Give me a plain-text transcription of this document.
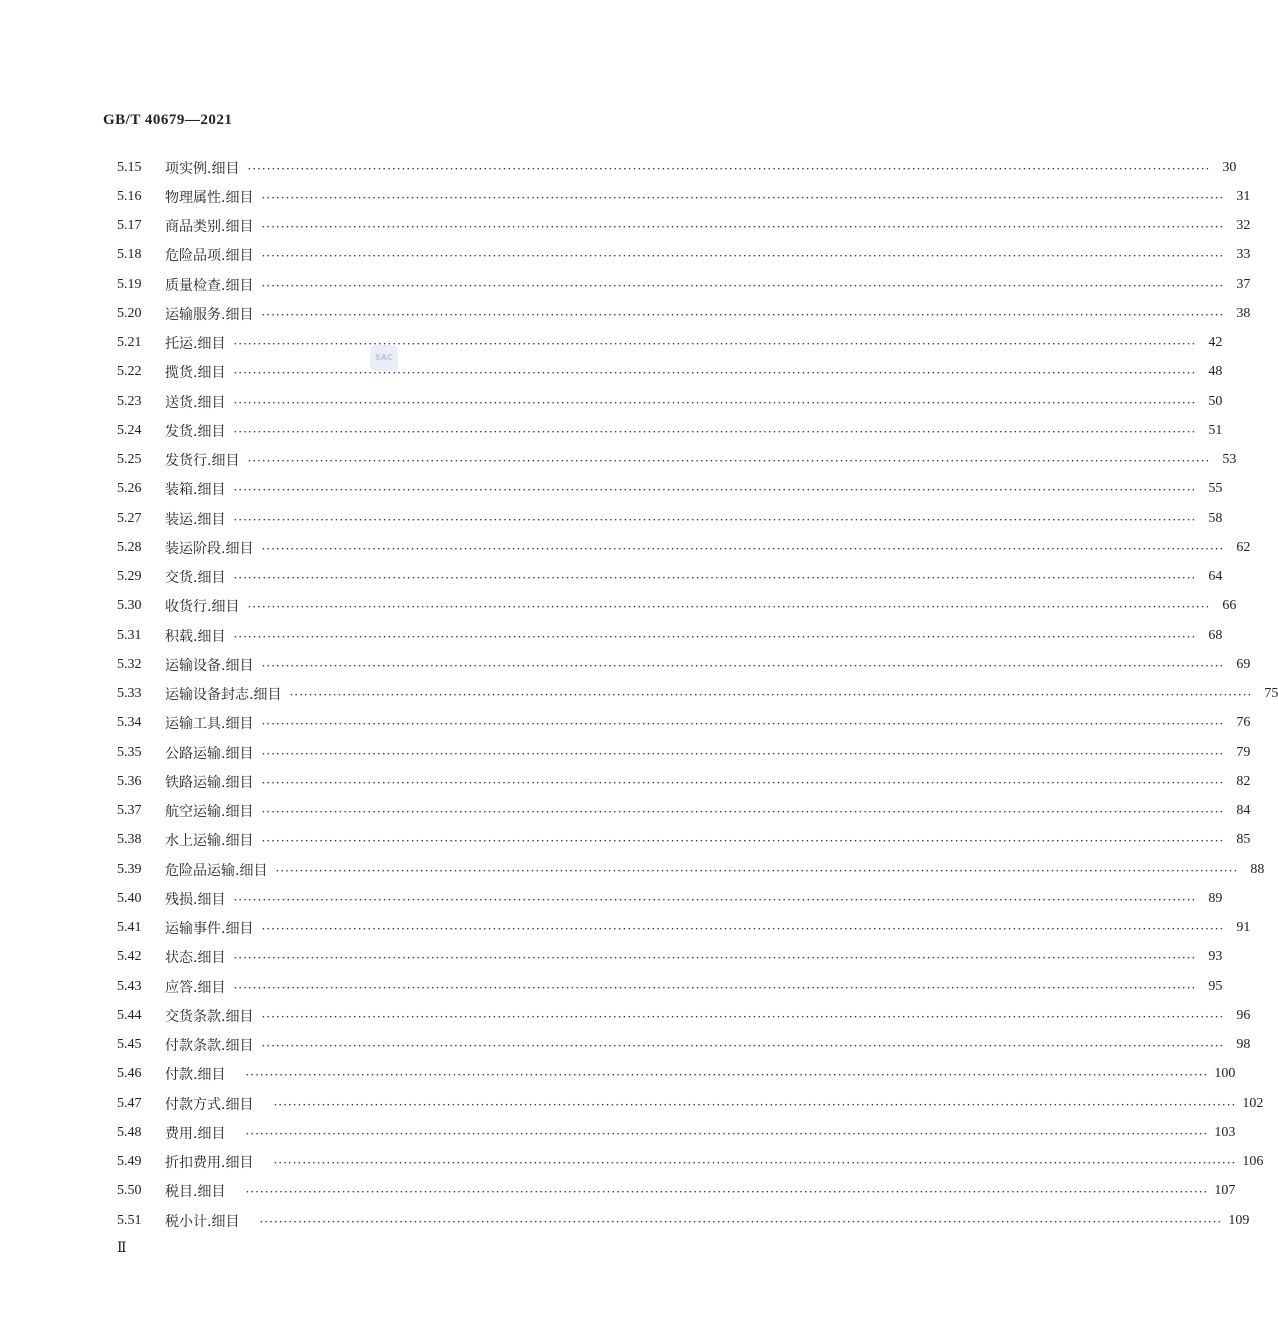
GB/T 40679—2021
SAC
5.15	项实例.细目 ········································································································································································································ 30
5.16	物理属性.细目 ········································································································································································································ 31
5.17	商品类别.细目 ········································································································································································································ 32
5.18	危险品项.细目 ········································································································································································································ 33
5.19	质量检查.细目 ········································································································································································································ 37
5.20	运输服务.细目 ········································································································································································································ 38
5.21	托运.细目 ········································································································································································································ 42
5.22	揽货.细目 ········································································································································································································ 48
5.23	送货.细目 ········································································································································································································ 50
5.24	发货.细目 ········································································································································································································ 51
5.25	发货行.细目 ········································································································································································································ 53
5.26	装箱.细目 ········································································································································································································ 55
5.27	装运.细目 ········································································································································································································ 58
5.28	装运阶段.细目 ········································································································································································································ 62
5.29	交货.细目 ········································································································································································································ 64
5.30	收货行.细目 ········································································································································································································ 66
5.31	积载.细目 ········································································································································································································ 68
5.32	运输设备.细目 ········································································································································································································ 69
5.33	运输设备封志.细目 ········································································································································································································ 75
5.34	运输工具.细目 ········································································································································································································ 76
5.35	公路运输.细目 ········································································································································································································ 79
5.36	铁路运输.细目 ········································································································································································································ 82
5.37	航空运输.细目 ········································································································································································································ 84
5.38	水上运输.细目 ········································································································································································································ 85
5.39	危险品运输.细目 ········································································································································································································ 88
5.40	残损.细目 ········································································································································································································ 89
5.41	运输事件.细目 ········································································································································································································ 91
5.42	状态.细目 ········································································································································································································ 93
5.43	应答.细目 ········································································································································································································ 95
5.44	交货条款.细目 ········································································································································································································ 96
5.45	付款条款.细目 ········································································································································································································ 98
5.46	付款.细目	········································································································································································································ 100
5.47	付款方式.细目	········································································································································································································ 102
5.48	费用.细目	········································································································································································································ 103
5.49	折扣费用.细目	········································································································································································································ 106
5.50	税目.细目	········································································································································································································ 107
5.51	税小计.细目	········································································································································································································ 109
Ⅱ
